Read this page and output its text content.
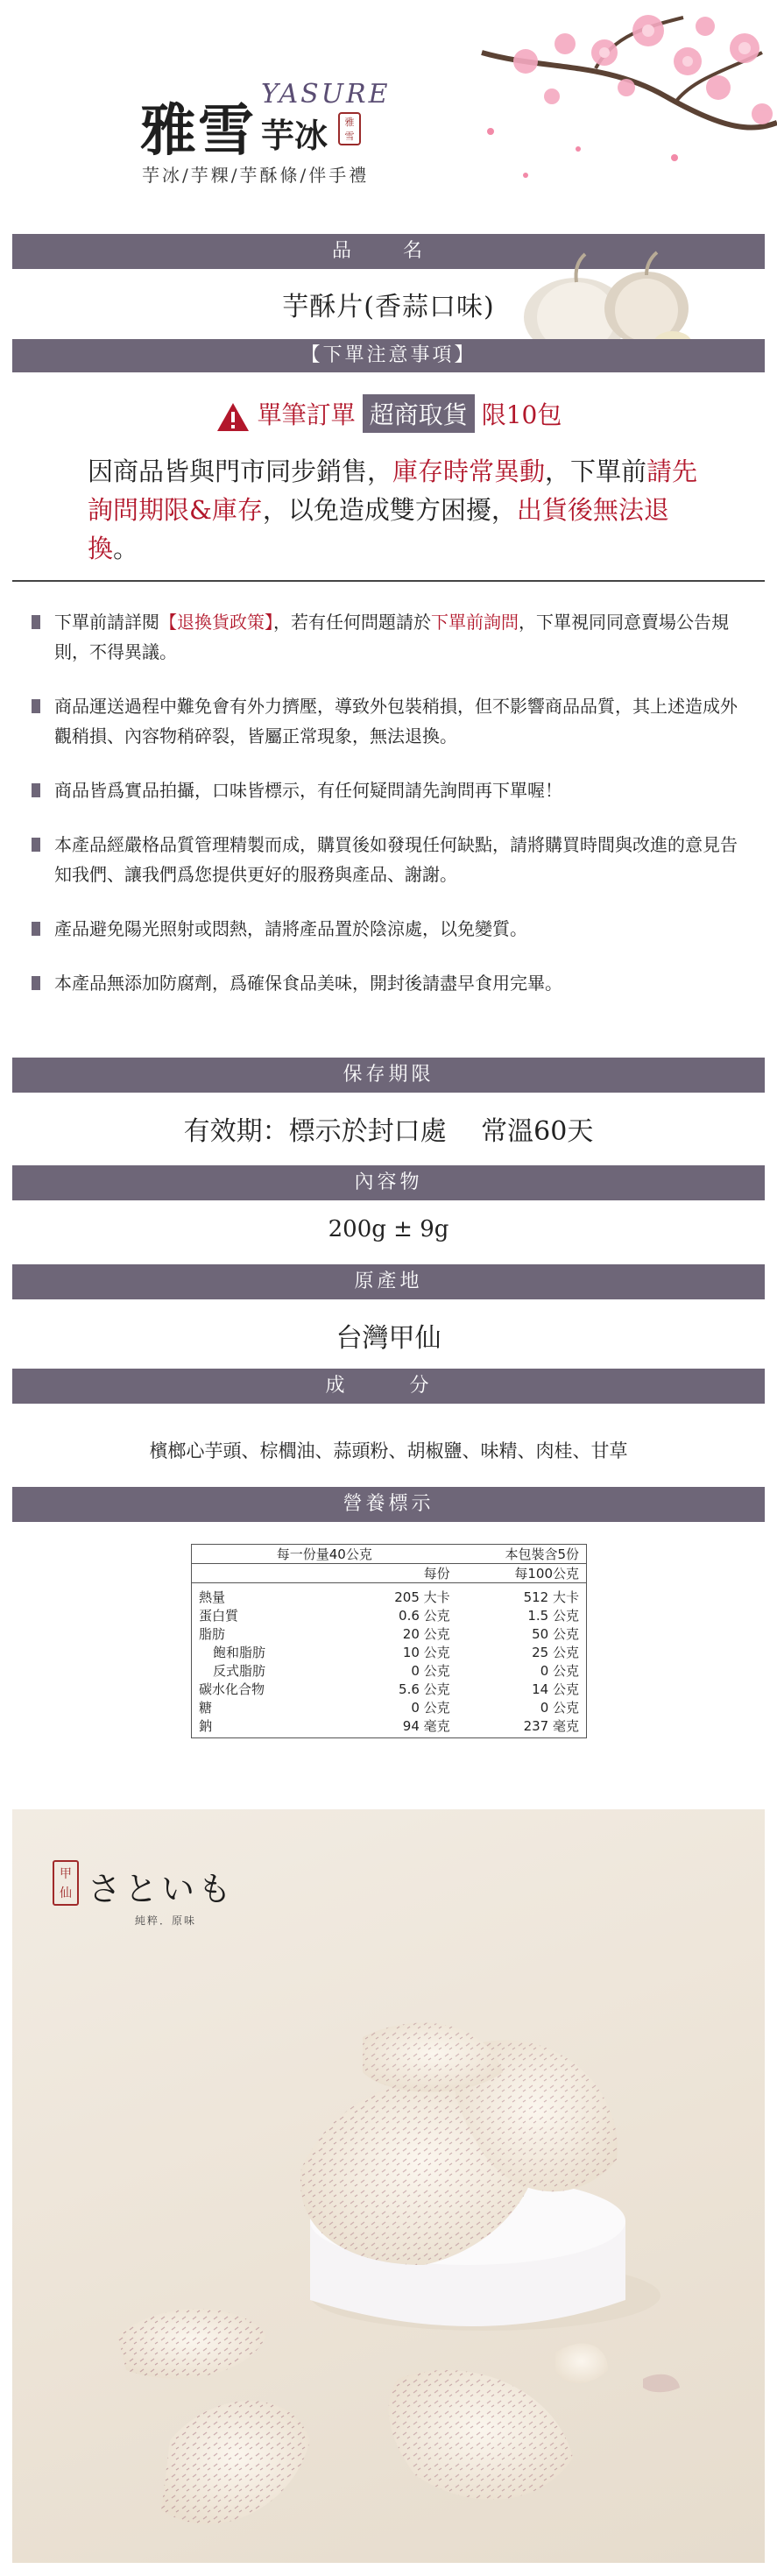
雅雪
YASURE
芋冰	雅
雪
芋冰/芋粿/芋酥條/伴手禮
品 名
芋酥片(香蒜口味)
【下單注意事項】
單筆訂單 超商取貨 限10包
因商品皆與門市同步銷售，庫存時常異動，下單前請先詢問期限&庫存，以免造成雙方困擾，出貨後無法退換。
下單前請詳閱【退換貨政策】，若有任何問題請於下單前詢問，下單視同同意賣場公告規則，不得異議。
商品運送過程中難免會有外力擠壓，導致外包裝稍損，但不影響商品品質，其上述造成外觀稍損、內容物稍碎裂，皆屬正常現象，無法退換。
商品皆爲實品拍攝，口味皆標示，有任何疑問請先詢問再下單喔！
本產品經嚴格品質管理精製而成，購買後如發現任何缺點，請將購買時間與改進的意見告知我們、讓我們爲您提供更好的服務與產品、謝謝。
產品避免陽光照射或悶熱，請將產品置於陰涼處，以免變質。
本產品無添加防腐劑，爲確保食品美味，開封後請盡早食用完畢。
保存期限
有效期：標示於封口處　 常溫60天
內容物
200g ± 9g
原產地
台灣甲仙
成　分
檳榔心芋頭、棕櫚油、蒜頭粉、胡椒鹽、味精、肉桂、甘草
營養標示
每一份量40公克	本包裝含5份
每份	每100公克
熱量	205 大卡	512 大卡
蛋白質	0.6 公克	1.5 公克
脂肪	20 公克	50 公克
飽和脂肪	10 公克	25 公克
反式脂肪	0 公克	0 公克
碳水化合物	5.6 公克	14 公克
糖	0 公克	0 公克
鈉	94 毫克	237 毫克
甲
仙 さといも
純粹．原味
